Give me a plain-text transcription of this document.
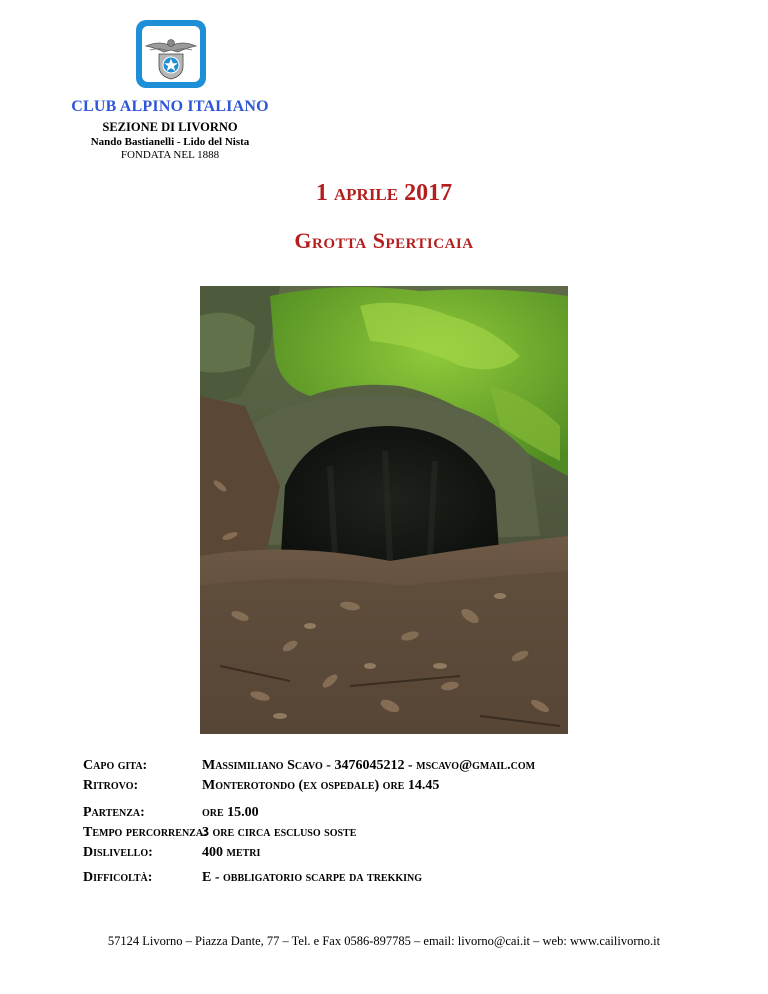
CLUB ALPINO ITALIANO
SEZIONE DI LIVORNO
Nando Bastianelli - Lido del Nista
FONDATA NEL 1888
1 aprile 2017
Grotta Sperticaia
Capo gita:	Massimiliano Scavo - 3476045212 - mscavo@gmail.com
Ritrovo:	Monterotondo (ex ospedale) ore 14.45
Partenza:	ore 15.00
Tempo percorrenza:
3 ore circa escluso soste
Dislivello:	400 metri
Difficoltà:	E - obbligatorio scarpe da trekking
57124 Livorno – Piazza Dante, 77 – Tel. e Fax 0586-897785 – email: livorno@cai.it – web: www.cailivorno.it
